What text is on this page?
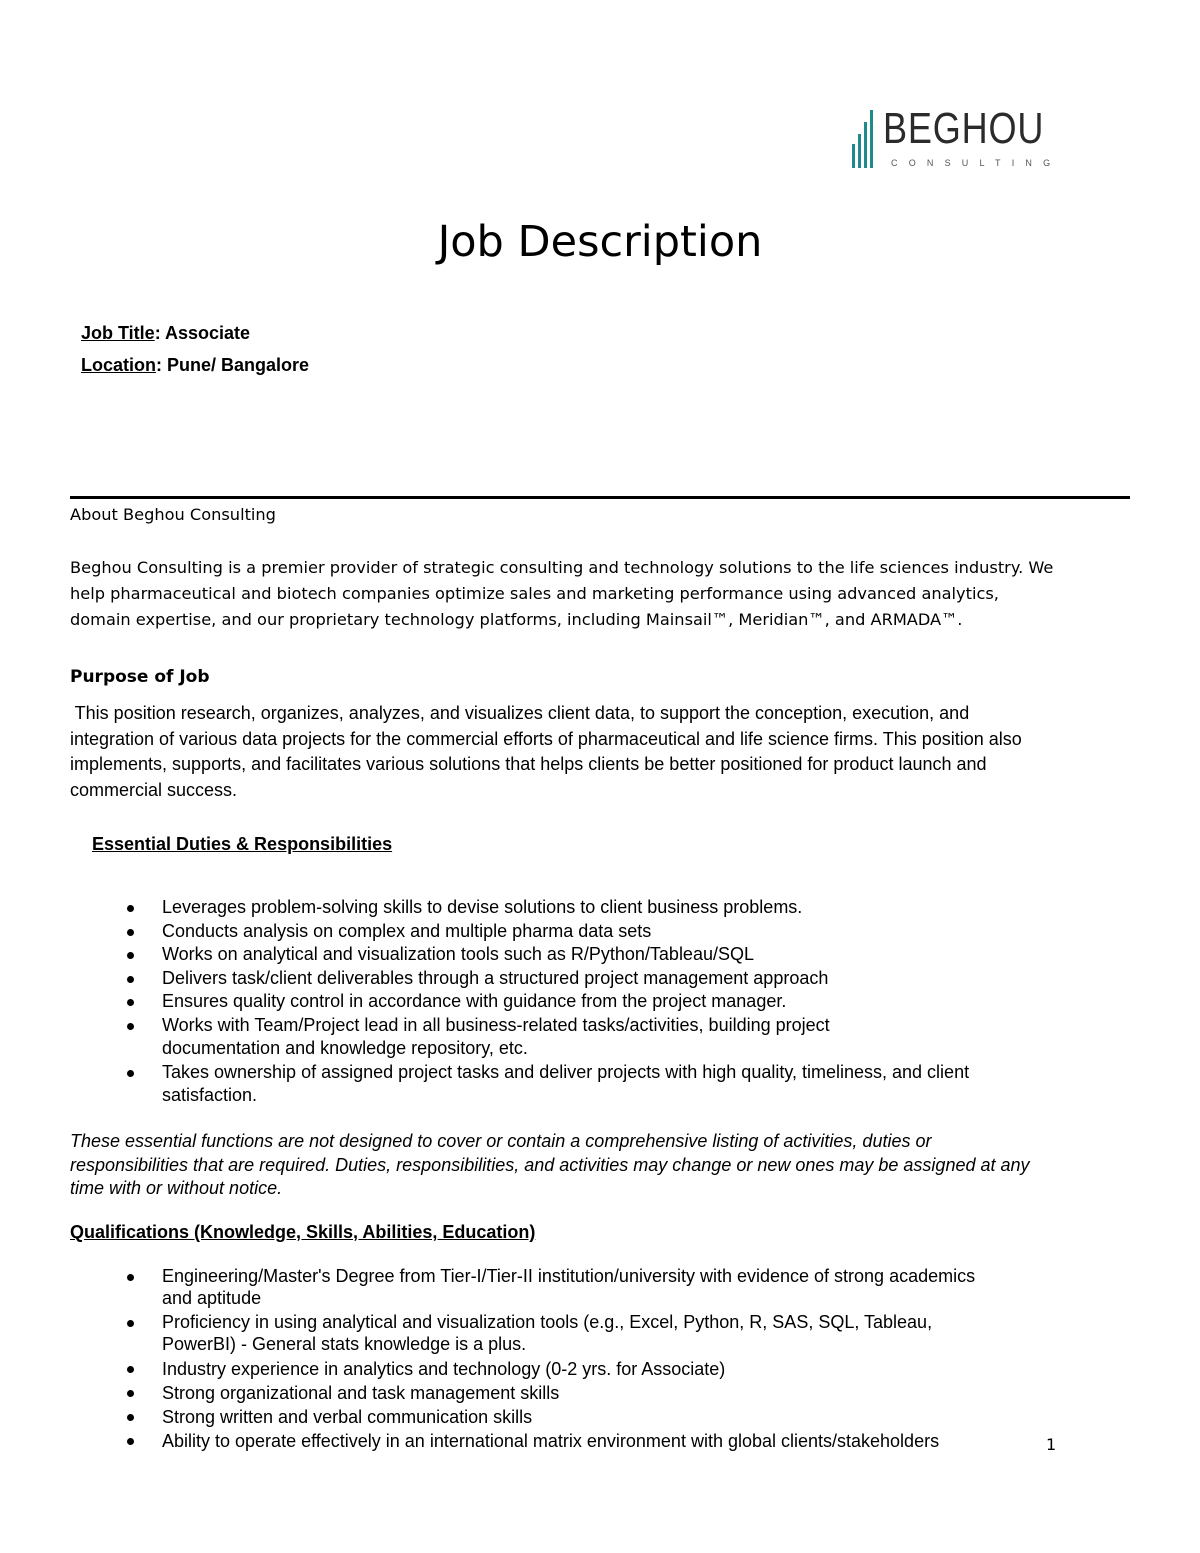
BEGHOU
CONSULTING
Job Description
Job Title: Associate
Location: Pune/ Bangalore
About Beghou Consulting
Beghou Consulting is a premier provider of strategic consulting and technology solutions to the life sciences industry. We
help pharmaceutical and biotech companies optimize sales and marketing performance using advanced analytics,
domain expertise, and our proprietary technology platforms, including Mainsail™, Meridian™, and ARMADA™.
Purpose of Job
This position research, organizes, analyzes, and visualizes client data, to support the conception, execution, and
integration of various data projects for the commercial efforts of pharmaceutical and life science firms. This position also
implements, supports, and facilitates various solutions that helps clients be better positioned for product launch and
commercial success.
Essential Duties & Responsibilities
Leverages problem-solving skills to devise solutions to client business problems.
Conducts analysis on complex and multiple pharma data sets
Works on analytical and visualization tools such as R/Python/Tableau/SQL
Delivers task/client deliverables through a structured project management approach
Ensures quality control in accordance with guidance from the project manager.
Works with Team/Project lead in all business-related tasks/activities, building project
documentation and knowledge repository, etc.
Takes ownership of assigned project tasks and deliver projects with high quality, timeliness, and client
satisfaction.
These essential functions are not designed to cover or contain a comprehensive listing of activities, duties or
responsibilities that are required. Duties, responsibilities, and activities may change or new ones may be assigned at any
time with or without notice.
Qualifications (Knowledge, Skills, Abilities, Education)
Engineering/Master's Degree from Tier-I/Tier-II institution/university with evidence of strong academics
and aptitude
Proficiency in using analytical and visualization tools (e.g., Excel, Python, R, SAS, SQL, Tableau,
PowerBI) - General stats knowledge is a plus.
Industry experience in analytics and technology (0-2 yrs. for Associate)
Strong organizational and task management skills
Strong written and verbal communication skills
Ability to operate effectively in an international matrix environment with global clients/stakeholders	1
